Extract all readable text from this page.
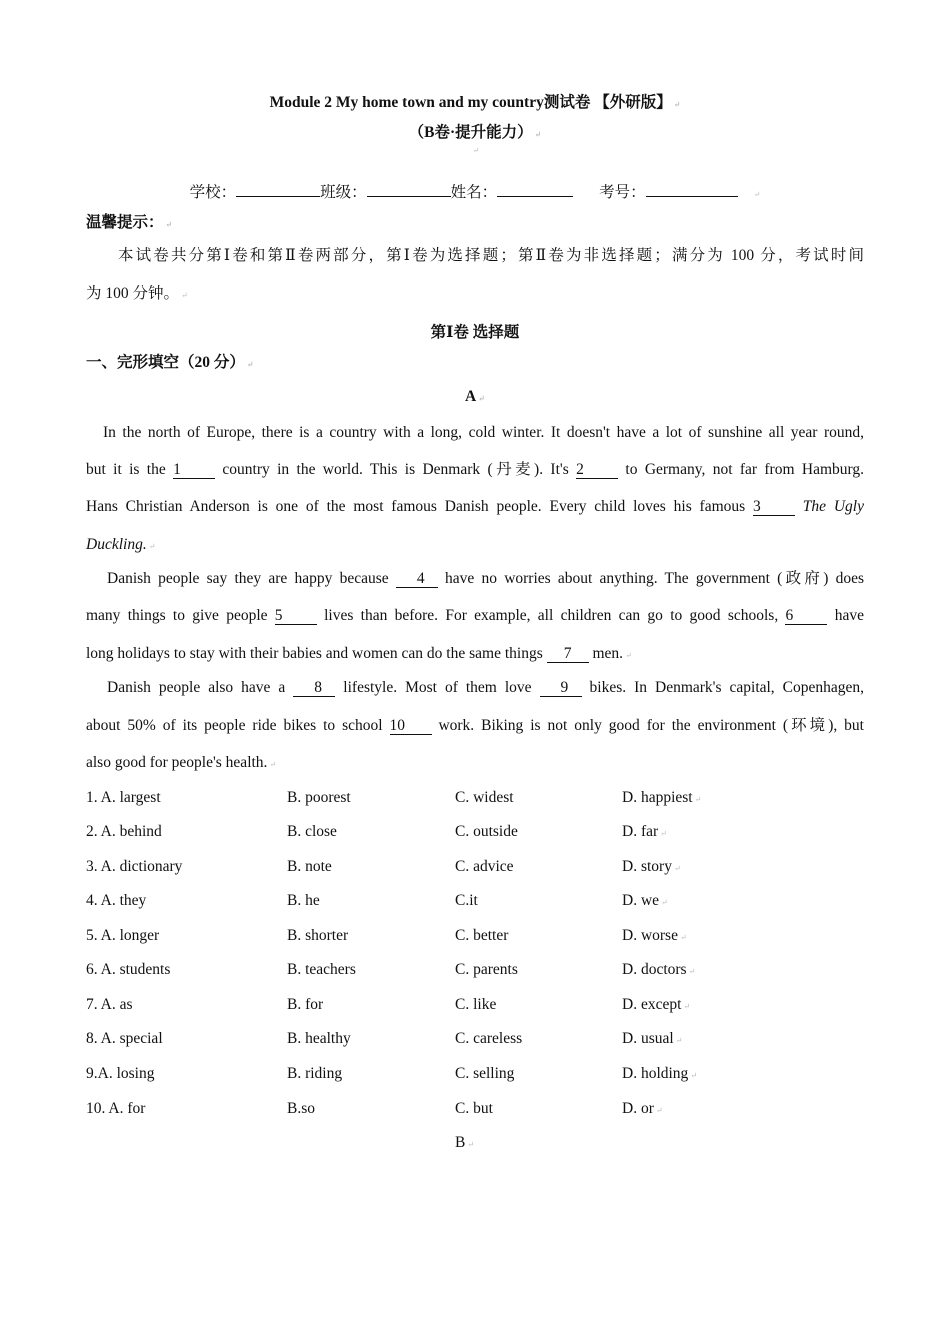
Module 2 My home town and my country测试卷 【外研版】 ↵
（B卷·提升能力） ↵
↵
学校：	班级：	姓名：	考号：	↵
温馨提示： ↵
本试卷共分第Ⅰ卷和第Ⅱ卷两部分，第Ⅰ卷为选择题；第Ⅱ卷为非选择题；满分为 100 分，考试时间
为 100 分钟。 ↵
第Ⅰ卷 选择题
一、完形填空（20 分） ↵
A ↵
In the north of Europe, there is a country with a long, cold winter. It doesn't have a lot of sunshine all year round,
but it is the 1	country in the world. This is Denmark (丹麦). It's 2	to Germany, not far from Hamburg.
Hans Christian Anderson is one of the most famous Danish people. Every child loves his famous 3	The Ugly
Duckling. ↵
Danish people say they are happy because 4 have no worries about anything. The government (政府) does
many things to give people 5	lives than before. For example, all children can go to good schools, 6	have
long holidays to stay with their babies and women can do the same things 7 men. ↵
Danish people also have a 8 lifestyle. Most of them love 9 bikes. In Denmark's capital, Copenhagen,
about 50% of its people ride bikes to school 10 work. Biking is not only good for the environment (环境), but
also good for people's health. ↵
1. A. largest	B. poorest	C. widest	D. happiest ↵
2. A. behind	B. close	C. outside	D. far ↵
3. A. dictionary	B. note	C. advice	D. story ↵
4. A. they	B. he	C.it	D. we ↵
5. A. longer	B. shorter	C. better	D. worse ↵
6. A. students	B. teachers	C. parents	D. doctors ↵
7. A. as	B. for	C. like	D. except ↵
8. A. special	B. healthy	C. careless	D. usual ↵
9.A. losing	B. riding	C. selling	D. holding ↵
10. A. for	B.so	C. but	D. or ↵
B ↵
